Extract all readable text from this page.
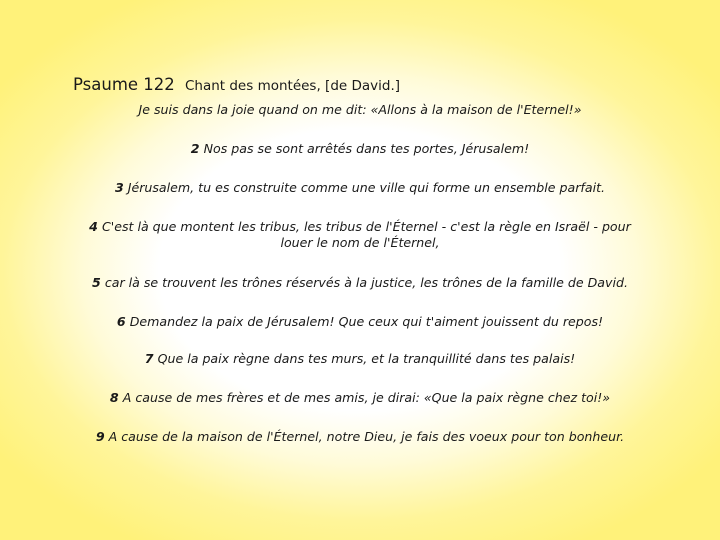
Psaume 122 Chant des montées, [de David.]

Je suis dans la joie quand on me dit: «Allons à la maison de l'Eternel!»

2 Nos pas se sont arrêtés dans tes portes, Jérusalem!

3 Jérusalem, tu es construite comme une ville qui forme un ensemble parfait.

4 C'est là que montent les tribus, les tribus de l'Éternel - c'est la règle en Israël - pour louer le nom de l'Éternel,

5 car là se trouvent les trônes réservés à la justice, les trônes de la famille de David.

6 Demandez la paix de Jérusalem! Que ceux qui t'aiment jouissent du repos!

7 Que la paix règne dans tes murs, et la tranquillité dans tes palais!

8 A cause de mes frères et de mes amis, je dirai: «Que la paix règne chez toi!»

9 A cause de la maison de l'Éternel, notre Dieu, je fais des voeux pour ton bonheur.
